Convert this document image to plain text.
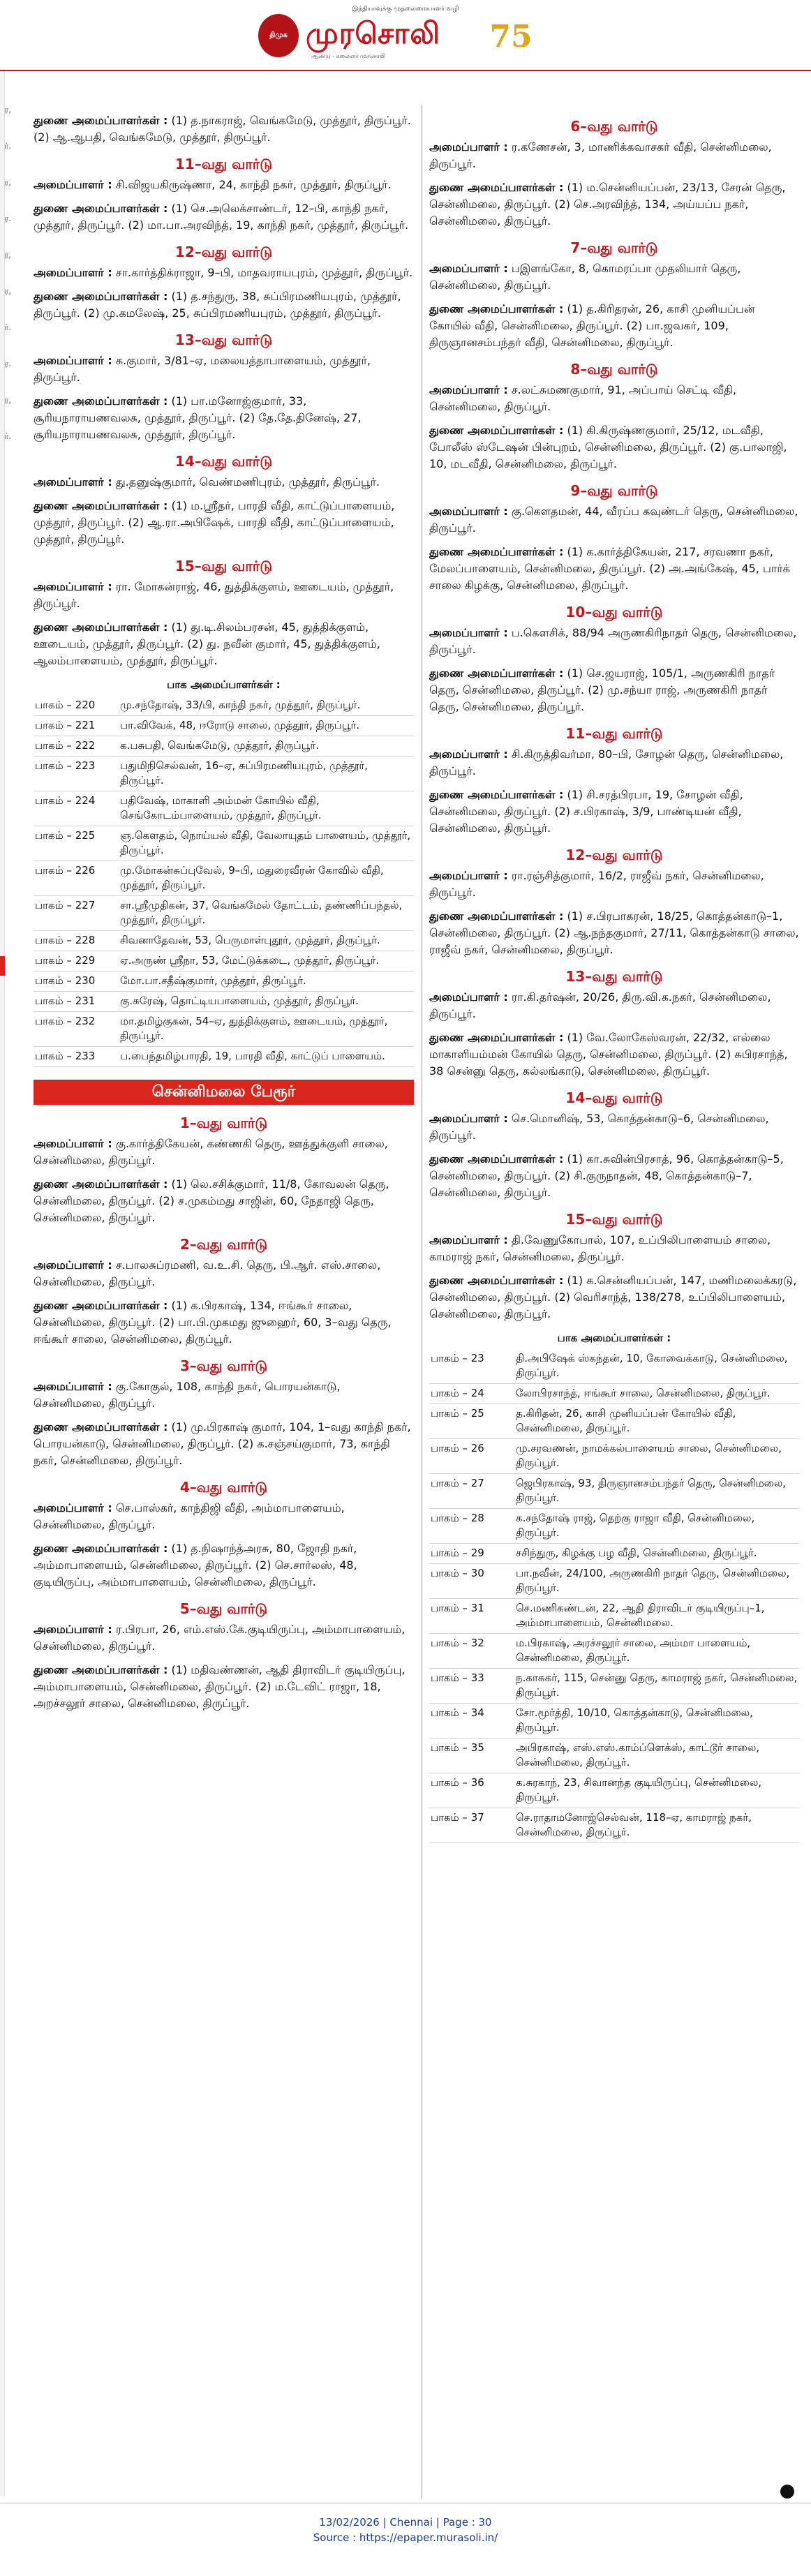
இந்தியாவுக்கு முதலைமையாளர் வழி
திமுக முரசொலி
ஆண்டு - கலைஞர் முரசொலி
75
ர,
ர்.
ர,
ர.
ர,
ர,
ர்.
ர.
ர,
ர்.
துணை அமைப்பாளர்கள் : (1) த.நாகராஜ், வெங்கமேடு, முத்தூர், திருப்பூர். (2) ஆ.ஆபதி, வெங்கமேடு, முத்தூர், திருப்பூர்.
11–வது வார்டு
அமைப்பாளர் : சி.விஜயகிருஷ்ணா, 24, காந்தி நகர், முத்தூர், திருப்பூர்.
துணை அமைப்பாளர்கள் : (1) செ.அலெக்சாண்டர், 12–பி, காந்தி நகர், முத்தூர், திருப்பூர். (2) மா.பா.அரவிந்த், 19, காந்தி நகர், முத்தூர், திருப்பூர்.
12–வது வார்டு
அமைப்பாளர் : சா.கார்த்திக்ராஜா, 9–பி, மாதவராயபுரம், முத்தூர், திருப்பூர்.
துணை அமைப்பாளர்கள் : (1) த.சந்துரு, 38, சுப்பிரமணியபுரம், முத்தூர், திருப்பூர். (2) மு.கமலேஷ், 25, சுப்பிரமணியபுரம், முத்தூர், திருப்பூர்.
13–வது வார்டு
அமைப்பாளர் : க.குமார், 3/81–ஏ, மலையத்தாபாளையம், முத்தூர், திருப்பூர்.
துணை அமைப்பாளர்கள் : (1) பா.மனோஜ்குமார், 33, சூரியநாராயணவலசு, முத்தூர், திருப்பூர். (2) தே.தே.தினேஷ், 27, சூரியநாராயணவலசு, முத்தூர், திருப்பூர்.
14–வது வார்டு
அமைப்பாளர் : து.தனுஷ்குமார், வெண்மணிபுரம், முத்தூர், திருப்பூர்.
துணை அமைப்பாளர்கள் : (1) ம.ஸ்ரீதர், பாரதி வீதி, காட்டுப்பாளையம், முத்தூர், திருப்பூர். (2) ஆ.ரா.அபிஷேக், பாரதி வீதி, காட்டுப்பாளையம், முத்தூர், திருப்பூர்.
15–வது வார்டு
அமைப்பாளர் : ரா. மோகன்ராஜ், 46, துத்திக்குளம், ஊடையம், முத்தூர், திருப்பூர்.
துணை அமைப்பாளர்கள் : (1) து.டி.சிலம்பரசன், 45, துத்திக்குளம், ஊடையம், முத்தூர், திருப்பூர். (2) து. நவீன் குமார், 45, துத்திக்குளம், ஆலம்பாளையம், முத்தூர், திருப்பூர்.
பாக அமைப்பாளர்கள் :
பாகம் – 220	மு.சந்தோஷ், 33/பி, காந்தி நகர், முத்தூர், திருப்பூர்.
பாகம் – 221	பா.விவேக், 48, ஈரோடு சாலை, முத்தூர், திருப்பூர்.
பாகம் – 222	க.பசுபதி, வெங்கமேடு, முத்தூர், திருப்பூர்.
பாகம் – 223	பதுமிநிசெல்வன், 16–ஏ, சுப்பிரமணியபுரம், முத்தூர், திருப்பூர்.
பாகம் – 224	பதிவேஷ், மாகாளி அம்மன் கோயில் வீதி, செங்கோடம்பாளையம், முத்தூர், திருப்பூர்.
பாகம் – 225	ஞ.கௌதம், நொய்யல் வீதி, வேலாயுதம் பாளையம், முத்தூர், திருப்பூர்.
பாகம் – 226	மு.மோகன்சுப்புவேல், 9–பி, மதுரைவீரன் கோவில் வீதி, முத்தூர், திருப்பூர்.
பாகம் – 227	சா.ஸ்ரீமுதிகன், 37, வெங்கமேல் தோட்டம், தண்ணிப்பந்தல், முத்தூர், திருப்பூர்.
பாகம் – 228	சிவனாதேவன், 53, பெருமாள்புதூர், முத்தூர், திருப்பூர்.
பாகம் – 229	ஏ.அருண் ஸ்ரீநா, 53, மேட்டுக்கடை, முத்தூர், திருப்பூர்.
பாகம் – 230	மோ.பா.சதீஷ்குமார், முத்தூர், திருப்பூர்.
பாகம் – 231	கு.சுரேஷ், தொட்டியபாளையம், முத்தூர், திருப்பூர்.
பாகம் – 232	மா.தமிழ்குகன், 54–ஏ, துத்திக்குளம், ஊடையம், முத்தூர், திருப்பூர்.
பாகம் – 233	ப.பைந்தமிழ்பாரதி, 19, பாரதி வீதி, காட்டுப் பாளையம்.
சென்னிமலை பேரூர்
1–வது வார்டு
அமைப்பாளர் : கு.கார்த்திகேயன், கண்ணகி தெரு, ஊத்துக்குளி சாலை, சென்னிமலை, திருப்பூர்.
துணை அமைப்பாளர்கள் : (1) லெ.சசிக்குமார், 11/8, கோவலன் தெரு, சென்னிமலை, திருப்பூர். (2) ச.முகம்மது சாஜின், 60, நேதாஜி தெரு, சென்னிமலை, திருப்பூர்.
2–வது வார்டு
அமைப்பாளர் : ச.பாலசுப்ரமணி, வ.உ.சி. தெரு, பி.ஆர். எஸ்.சாலை, சென்னிமலை, திருப்பூர்.
துணை அமைப்பாளர்கள் : (1) க.பிரகாஷ், 134, ஈங்கூர் சாலை, சென்னிமலை, திருப்பூர். (2) பா.பி.முகமது ஜுஹைர், 60, 3–வது தெரு, ஈங்கூர் சாலை, சென்னிமலை, திருப்பூர்.
3–வது வார்டு
அமைப்பாளர் : கு.கோகுல், 108, காந்தி நகர், பொரயன்காடு, சென்னிமலை, திருப்பூர்.
துணை அமைப்பாளர்கள் : (1) மு.பிரகாஷ் குமார், 104, 1–வது காந்தி நகர், பொரயன்காடு, சென்னிமலை, திருப்பூர். (2) க.சஞ்சய்குமார், 73, காந்தி நகர், சென்னிமலை, திருப்பூர்.
4–வது வார்டு
அமைப்பாளர் : செ.பாஸ்கர், காந்திஜி வீதி, அம்மாபாளையம், சென்னிமலை, திருப்பூர்.
துணை அமைப்பாளர்கள் : (1) த.நிஷாந்த்அரசு, 80, ஜோதி நகர், அம்மாபாளையம், சென்னிமலை, திருப்பூர். (2) செ.சார்லஸ், 48, குடியிருப்பு, அம்மாபாளையம், சென்னிமலை, திருப்பூர்.
5–வது வார்டு
அமைப்பாளர் : ர.பிரபா, 26, எம்.எஸ்.கே.குடியிருப்பு, அம்மாபாளையம், சென்னிமலை, திருப்பூர்.
துணை அமைப்பாளர்கள் : (1) மதிவண்ணன், ஆதி திராவிடர் குடியிருப்பு, அம்மாபாளையம், சென்னிமலை, திருப்பூர். (2) ம.டேவிட் ராஜா, 18, அறச்சலூர் சாலை, சென்னிமலை, திருப்பூர்.
6–வது வார்டு
அமைப்பாளர் : ர.கணேசன், 3, மாணிக்கவாசகர் வீதி, சென்னிமலை, திருப்பூர்.
துணை அமைப்பாளர்கள் : (1) ம.சென்னியப்பன், 23/13, சேரன் தெரு, சென்னிமலை, திருப்பூர். (2) செ.அரவிந்த், 134, அய்யப்ப நகர், சென்னிமலை, திருப்பூர்.
7–வது வார்டு
அமைப்பாளர் : பஇளங்கோ, 8, கொமரப்பா முதலியார் தெரு, சென்னிமலை, திருப்பூர்.
துணை அமைப்பாளர்கள் : (1) த.கிரிதரன், 26, காசி முனியப்பன் கோயில் வீதி, சென்னிமலை, திருப்பூர். (2) பா.ஜவகர், 109, திருஞானசம்பந்தர் வீதி, சென்னிமலை, திருப்பூர்.
8–வது வார்டு
அமைப்பாளர் : ச.லட்சுமணகுமார், 91, அப்பாய் செட்டி வீதி, சென்னிமலை, திருப்பூர்.
துணை அமைப்பாளர்கள் : (1) கி.கிருஷ்ணகுமார், 25/12, மடவீதி, போலீஸ் ஸ்டேஷன் பின்புறம், சென்னிமலை, திருப்பூர். (2) கு.பாலாஜி, 10, மடவீதி, சென்னிமலை, திருப்பூர்.
9–வது வார்டு
அமைப்பாளர் : கு.கௌதமன், 44, வீரப்ப கவுண்டர் தெரு, சென்னிமலை, திருப்பூர்.
துணை அமைப்பாளர்கள் : (1) க.கார்த்திகேயன், 217, சரவணா நகர், மேலப்பாளையம், சென்னிமலை, திருப்பூர். (2) அ.அங்கேஷ், 45, பார்க் சாலை கிழக்கு, சென்னிமலை, திருப்பூர்.
10–வது வார்டு
அமைப்பாளர் : ப.கௌசிக், 88/94 அருணகிரிநாதர் தெரு, சென்னிமலை, திருப்பூர்.
துணை அமைப்பாளர்கள் : (1) செ.ஜயராஜ், 105/1, அருணகிரி நாதர் தெரு, சென்னிமலை, திருப்பூர். (2) மு.சந்யா ராஜ், அருணகிரி நாதர் தெரு, சென்னிமலை, திருப்பூர்.
11–வது வார்டு
அமைப்பாளர் : சி.கிருத்திவர்மா, 80–பி, சோழன் தெரு, சென்னிமலை, திருப்பூர்.
துணை அமைப்பாளர்கள் : (1) சி.சரத்பிரபா, 19, சோழன் வீதி, சென்னிமலை, திருப்பூர். (2) ச.பிரகாஷ், 3/9, பாண்டியன் வீதி, சென்னிமலை, திருப்பூர்.
12–வது வார்டு
அமைப்பாளர் : ரா.ரஞ்சித்குமார், 16/2, ராஜீவ் நகர், சென்னிமலை, திருப்பூர்.
துணை அமைப்பாளர்கள் : (1) ச.பிரபாகரன், 18/25, கொத்தன்காடு–1, சென்னிமலை, திருப்பூர். (2) ஆ.நந்தகுமார், 27/11, கொத்தன்காடு சாலை, ராஜீவ் நகர், சென்னிமலை, திருப்பூர்.
13–வது வார்டு
அமைப்பாளர் : ரா.கி.தர்ஷன், 20/26, திரு.வி.க.நகர், சென்னிமலை, திருப்பூர்.
துணை அமைப்பாளர்கள் : (1) வே.லோகேஸ்வரன், 22/32, எல்லை மாகாளியம்மன் கோயில் தெரு, சென்னிமலை, திருப்பூர். (2) சுபிரசாந்த், 38 சென்னு தெரு, கல்லங்காடு, சென்னிமலை, திருப்பூர்.
14–வது வார்டு
அமைப்பாளர் : செ.மொனிஷ், 53, கொத்தன்காடு–6, சென்னிமலை, திருப்பூர்.
துணை அமைப்பாளர்கள் : (1) கா.சுவின்பிரசாத், 96, கொத்தன்காடு–5, சென்னிமலை, திருப்பூர். (2) சி.குருநாதன், 48, கொத்தன்காடு–7, சென்னிமலை, திருப்பூர்.
15–வது வார்டு
அமைப்பாளர் : தி.வேணுகோபால், 107, உப்பிலிபாளையம் சாலை, காமராஜ் நகர், சென்னிமலை, திருப்பூர்.
துணை அமைப்பாளர்கள் : (1) க.சென்னியப்பன், 147, மணிமலைக்கரடு, சென்னிமலை, திருப்பூர். (2) வெரிசாந்த், 138/278, உப்பிலிபாளையம், சென்னிமலை, திருப்பூர்.
பாக அமைப்பாளர்கள் :
பாகம் – 23	தி.அபிஷேக் ஸ்கந்தன், 10, கோவைக்காடு, சென்னிமலை, திருப்பூர்.
பாகம் – 24	லோபிரசாந்த், ஈங்கூர் சாலை, சென்னிமலை, திருப்பூர்.
பாகம் – 25	த.கிரிதன், 26, காசி முனியப்பன் கோயில் வீதி, சென்னிமலை, திருப்பூர்.
பாகம் – 26	மு.சரவணன், நாமக்கல்பாளையம் சாலை, சென்னிமலை, திருப்பூர்.
பாகம் – 27	ஜெபிரகாஷ், 93, திருஞானசம்பந்தர் தெரு, சென்னிமலை, திருப்பூர்.
பாகம் – 28	க.சந்தோஷ் ராஜ், தெற்கு ராஜா வீதி, சென்னிமலை, திருப்பூர்.
பாகம் – 29	சசிந்துரு, கிழக்கு பழ வீதி, சென்னிமலை, திருப்பூர்.
பாகம் – 30	பா.நவீன், 24/100, அருணகிரி நாதர் தெரு, சென்னிமலை, திருப்பூர்.
பாகம் – 31	செ.மணிகண்டன், 22, ஆதி திராவிடர் குடியிருப்பு–1, அம்மாபாளையம், சென்னிமலை.
பாகம் – 32	ம.பிரகாஷ், அரச்சலூர் சாலை, அம்மா பாளையம், சென்னிமலை, திருப்பூர்.
பாகம் – 33	ந.காசுகர், 115, சென்னு தெரு, காமராஜ் நகர், சென்னிமலை, திருப்பூர்.
பாகம் – 34	சோ.மூர்த்தி, 10/10, கொத்தன்காடு, சென்னிமலை, திருப்பூர்.
பாகம் – 35	அபிரகாஷ், எஸ்.எஸ்.காம்ப்ளெக்ஸ், காட்டூர் சாலை, சென்னிமலை, திருப்பூர்.
பாகம் – 36	க.சுரகாந், 23, சிவானந்த குடியிருப்பு, சென்னிமலை, திருப்பூர்.
பாகம் – 37	செ.ராதாமனோஜ்செல்வன், 118–ஏ, காமராஜ் நகர், சென்னிமலை, திருப்பூர்.
13/02/2026 | Chennai | Page : 30
Source : https://epaper.murasoli.in/
